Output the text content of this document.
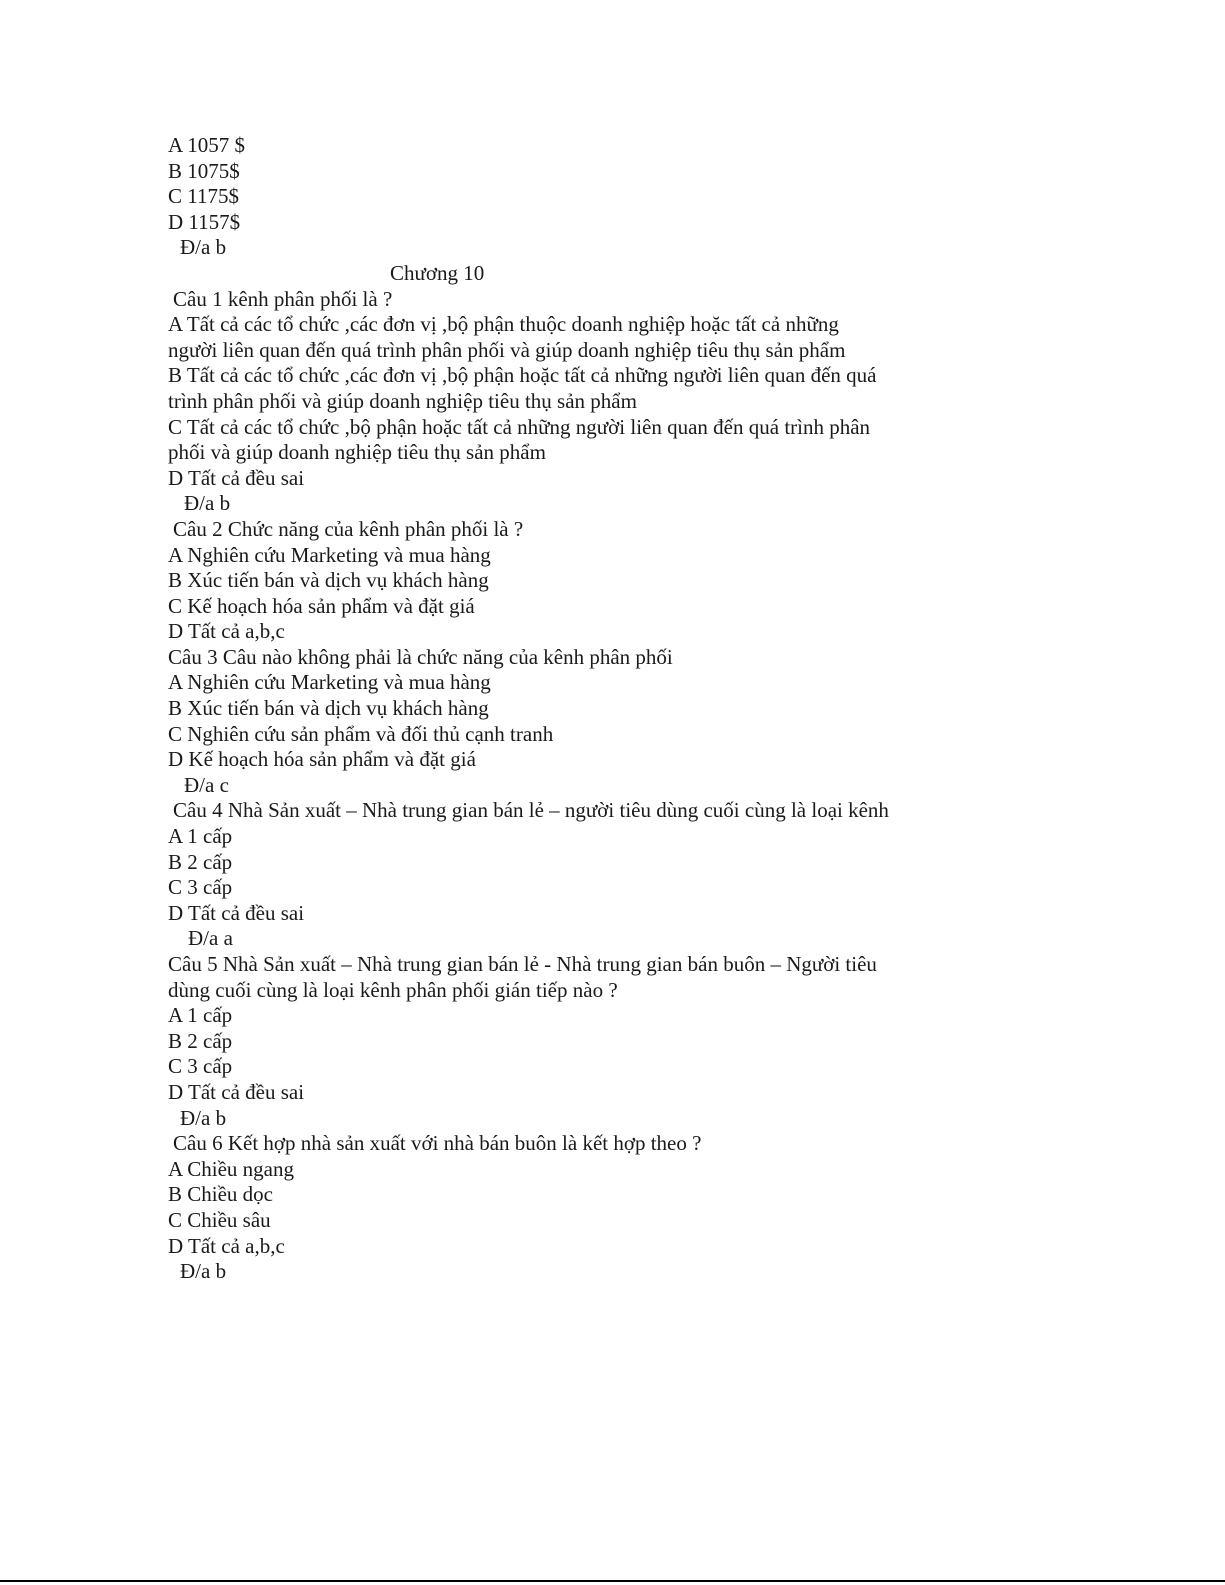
A 1057 $
B 1075$
C 1175$
D 1157$
Đ/a b
Chương 10
Câu 1 kênh phân phối là ?
A Tất cả các tổ chức ,các đơn vị ,bộ phận thuộc doanh nghiệp hoặc tất cả những
người liên quan đến quá trình phân phối và giúp doanh nghiệp tiêu thụ sản phẩm
B Tất cả các tổ chức ,các đơn vị ,bộ phận hoặc tất cả những người liên quan đến quá
trình phân phối và giúp doanh nghiệp tiêu thụ sản phẩm
C Tất cả các tổ chức ,bộ phận hoặc tất cả những người liên quan đến quá trình phân
phối và giúp doanh nghiệp tiêu thụ sản phẩm
D Tất cả đều sai
Đ/a b
Câu 2 Chức năng của kênh phân phối là ?
A Nghiên cứu Marketing và mua hàng
B Xúc tiến bán và dịch vụ khách hàng
C Kế hoạch hóa sản phẩm và đặt giá
D Tất cả a,b,c
Câu 3 Câu nào không phải là chức năng của kênh phân phối
A Nghiên cứu Marketing và mua hàng
B Xúc tiến bán và dịch vụ khách hàng
C Nghiên cứu sản phẩm và đối thủ cạnh tranh
D Kế hoạch hóa sản phẩm và đặt giá
Đ/a c
Câu 4 Nhà Sản xuất – Nhà trung gian bán lẻ – người tiêu dùng cuối cùng là loại kênh
A 1 cấp
B 2 cấp
C 3 cấp
D Tất cả đều sai
Đ/a a
Câu 5 Nhà Sản xuất – Nhà trung gian bán lẻ - Nhà trung gian bán buôn – Người tiêu
dùng cuối cùng là loại kênh phân phối gián tiếp nào ?
A 1 cấp
B 2 cấp
C 3 cấp
D Tất cả đều sai
Đ/a b
Câu 6 Kết hợp nhà sản xuất với nhà bán buôn là kết hợp theo ?
A Chiều ngang
B Chiều dọc
C Chiều sâu
D Tất cả a,b,c
Đ/a b
